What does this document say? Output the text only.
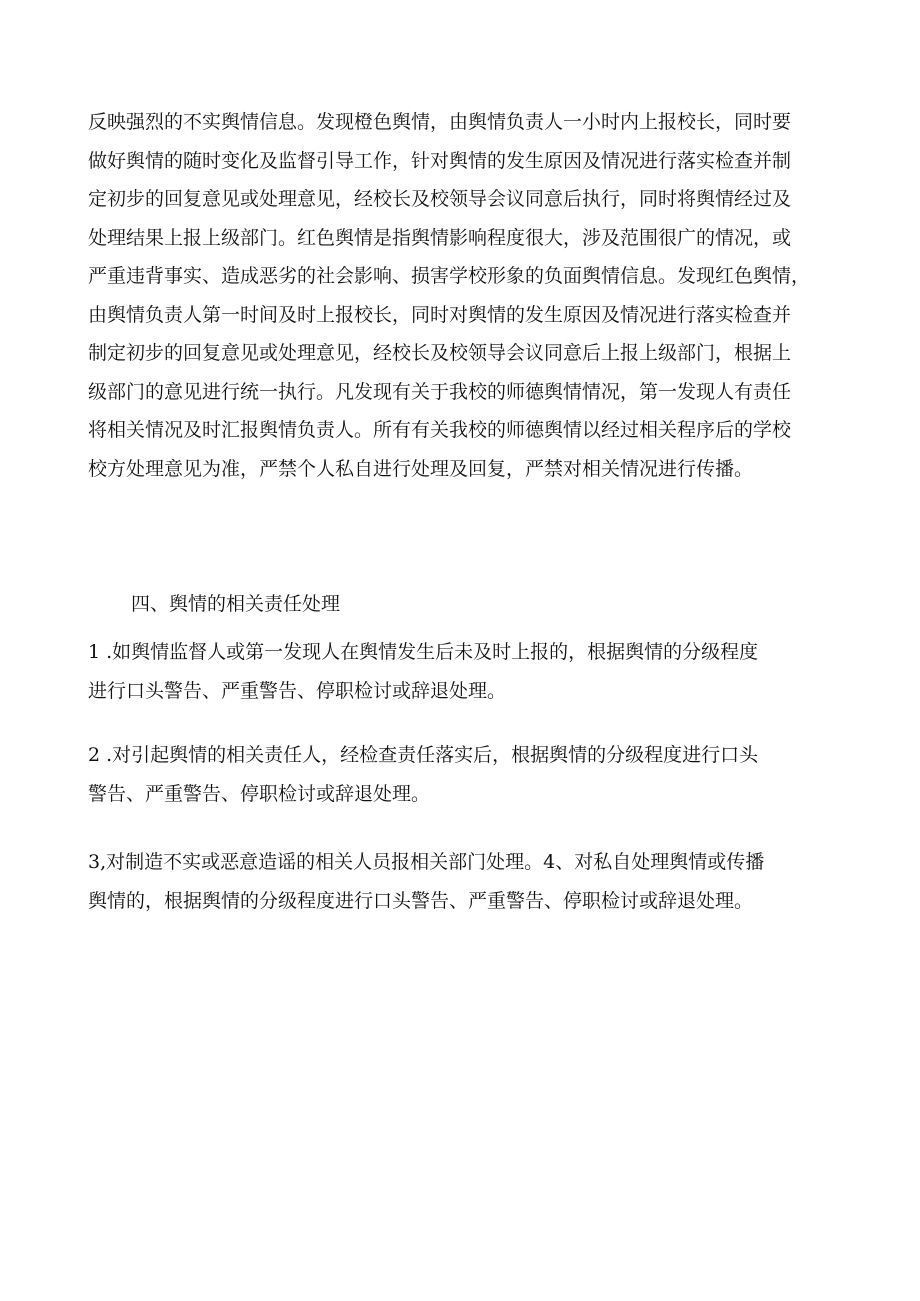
反映强烈的不实舆情信息。发现橙色舆情，由舆情负责人一小时内上报校长，同时要
做好舆情的随时变化及监督引导工作，针对舆情的发生原因及情况进行落实检查并制
定初步的回复意见或处理意见，经校长及校领导会议同意后执行，同时将舆情经过及
处理结果上报上级部门。红色舆情是指舆情影响程度很大，涉及范围很广的情况，或
严重违背事实、造成恶劣的社会影响、损害学校形象的负面舆情信息。发现红色舆情，
由舆情负责人第一时间及时上报校长，同时对舆情的发生原因及情况进行落实检查并
制定初步的回复意见或处理意见，经校长及校领导会议同意后上报上级部门，根据上
级部门的意见进行统一执行。凡发现有关于我校的师德舆情情况，第一发现人有责任
将相关情况及时汇报舆情负责人。所有有关我校的师德舆情以经过相关程序后的学校
校方处理意见为准，严禁个人私自进行处理及回复，严禁对相关情况进行传播。

四、舆情的相关责任处理

1 .如舆情监督人或第一发现人在舆情发生后未及时上报的，根据舆情的分级程度
进行口头警告、严重警告、停职检讨或辞退处理。

2 .对引起舆情的相关责任人，经检查责任落实后，根据舆情的分级程度进行口头
警告、严重警告、停职检讨或辞退处理。

3,对制造不实或恶意造谣的相关人员报相关部门处理。4、对私自处理舆情或传播
舆情的，根据舆情的分级程度进行口头警告、严重警告、停职检讨或辞退处理。
